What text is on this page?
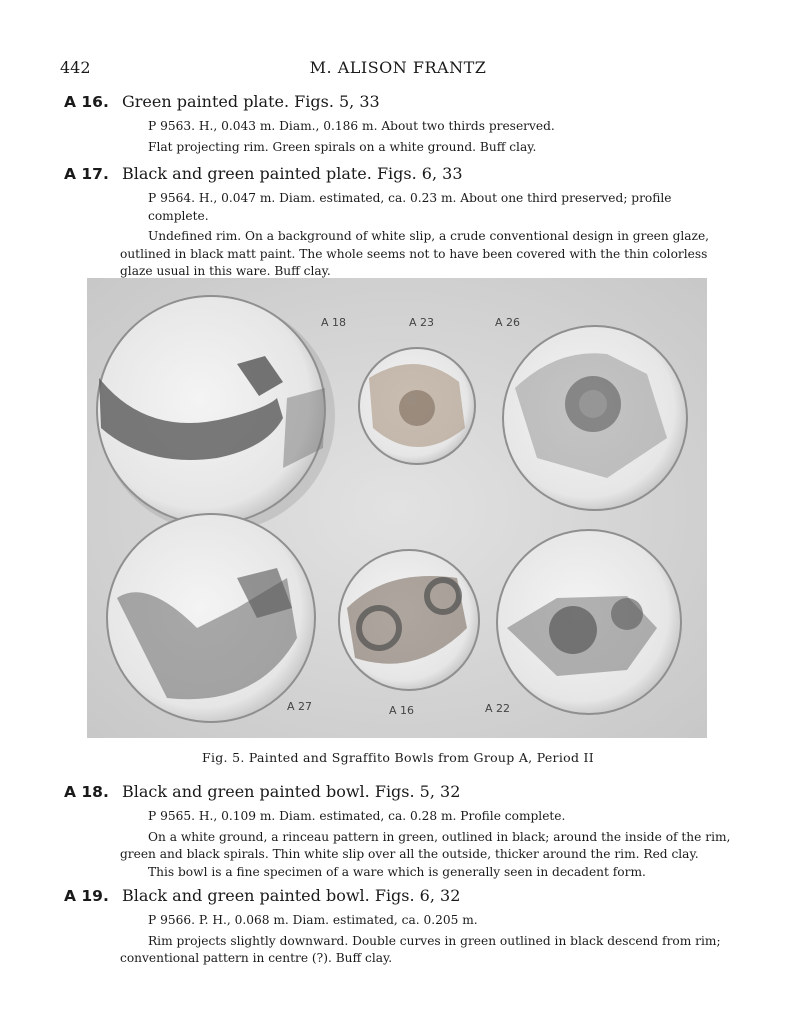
442	M. ALISON FRANTZ
A 16. Green painted plate. Figs. 5, 33

P 9563. H., 0.043 m. Diam., 0.186 m. About two thirds preserved.

Flat projecting rim. Green spirals on a white ground. Buff clay.

A 17. Black and green painted plate. Figs. 6, 33

P 9564. H., 0.047 m. Diam. estimated, ca. 0.23 m. About one third preserved; profile complete.

Undefined rim. On a background of white slip, a crude conventional design in green glaze, outlined in black matt paint. The whole seems not to have been covered with the thin colorless glaze usual in this ware. Buff clay.

A 18	A 23	A 26
A 27	A 16	A 22
Fig. 5. Painted and Sgraffito Bowls from Group A, Period II
A 18. Black and green painted bowl. Figs. 5, 32

P 9565. H., 0.109 m. Diam. estimated, ca. 0.28 m. Profile complete.

On a white ground, a rinceau pattern in green, outlined in black; around the inside of the rim, green and black spirals. Thin white slip over all the outside, thicker around the rim. Red clay.

This bowl is a fine specimen of a ware which is generally seen in decadent form.

A 19. Black and green painted bowl. Figs. 6, 32

P 9566. P. H., 0.068 m. Diam. estimated, ca. 0.205 m.

Rim projects slightly downward. Double curves in green outlined in black descend from rim; conventional pattern in centre (?). Buff clay.
